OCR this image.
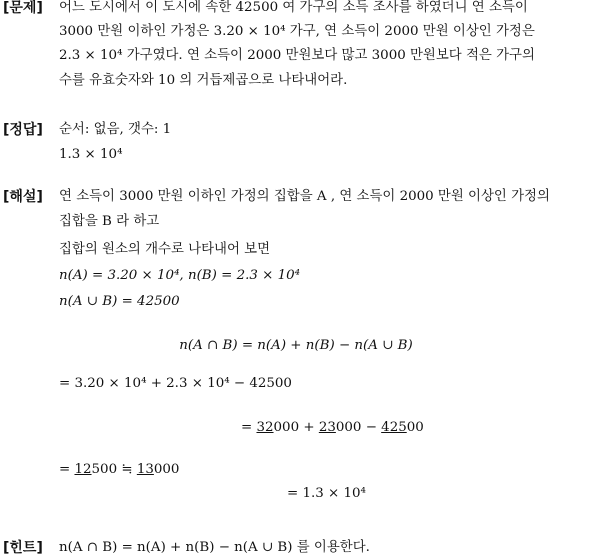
[문제] 어느 도시에서 이 도시에 속한 42500 여 가구의 소득 조사를 하였더니 연 소득이
3000 만원 이하인 가정은 3.20 × 10⁴ 가구, 연 소득이 2000 만원 이상인 가정은
2.3 × 10⁴ 가구였다. 연 소득이 2000 만원보다 많고 3000 만원보다 적은 가구의
수를 유효숫자와 10 의 거듭제곱으로 나타내어라.
[정답] 순서: 없음, 갯수: 1
1.3 × 10⁴
[해설] 연 소득이 3000 만원 이하인 가정의 집합을 A , 연 소득이 2000 만원 이상인 가정의
집합을 B 라 하고
집합의 원소의 개수로 나타내어 보면
n(A) = 3.20 × 10⁴, n(B) = 2.3 × 10⁴
n(A ∪ B) = 42500
n(A ∩ B) = n(A) + n(B) − n(A ∪ B)
= 3.20 × 10⁴ + 2.3 × 10⁴ − 42500
= 32000 + 23000 − 42500
= 12500 ≒ 13000
= 1.3 × 10⁴
[힌트] n(A ∩ B) = n(A) + n(B) − n(A ∪ B) 를 이용한다.
